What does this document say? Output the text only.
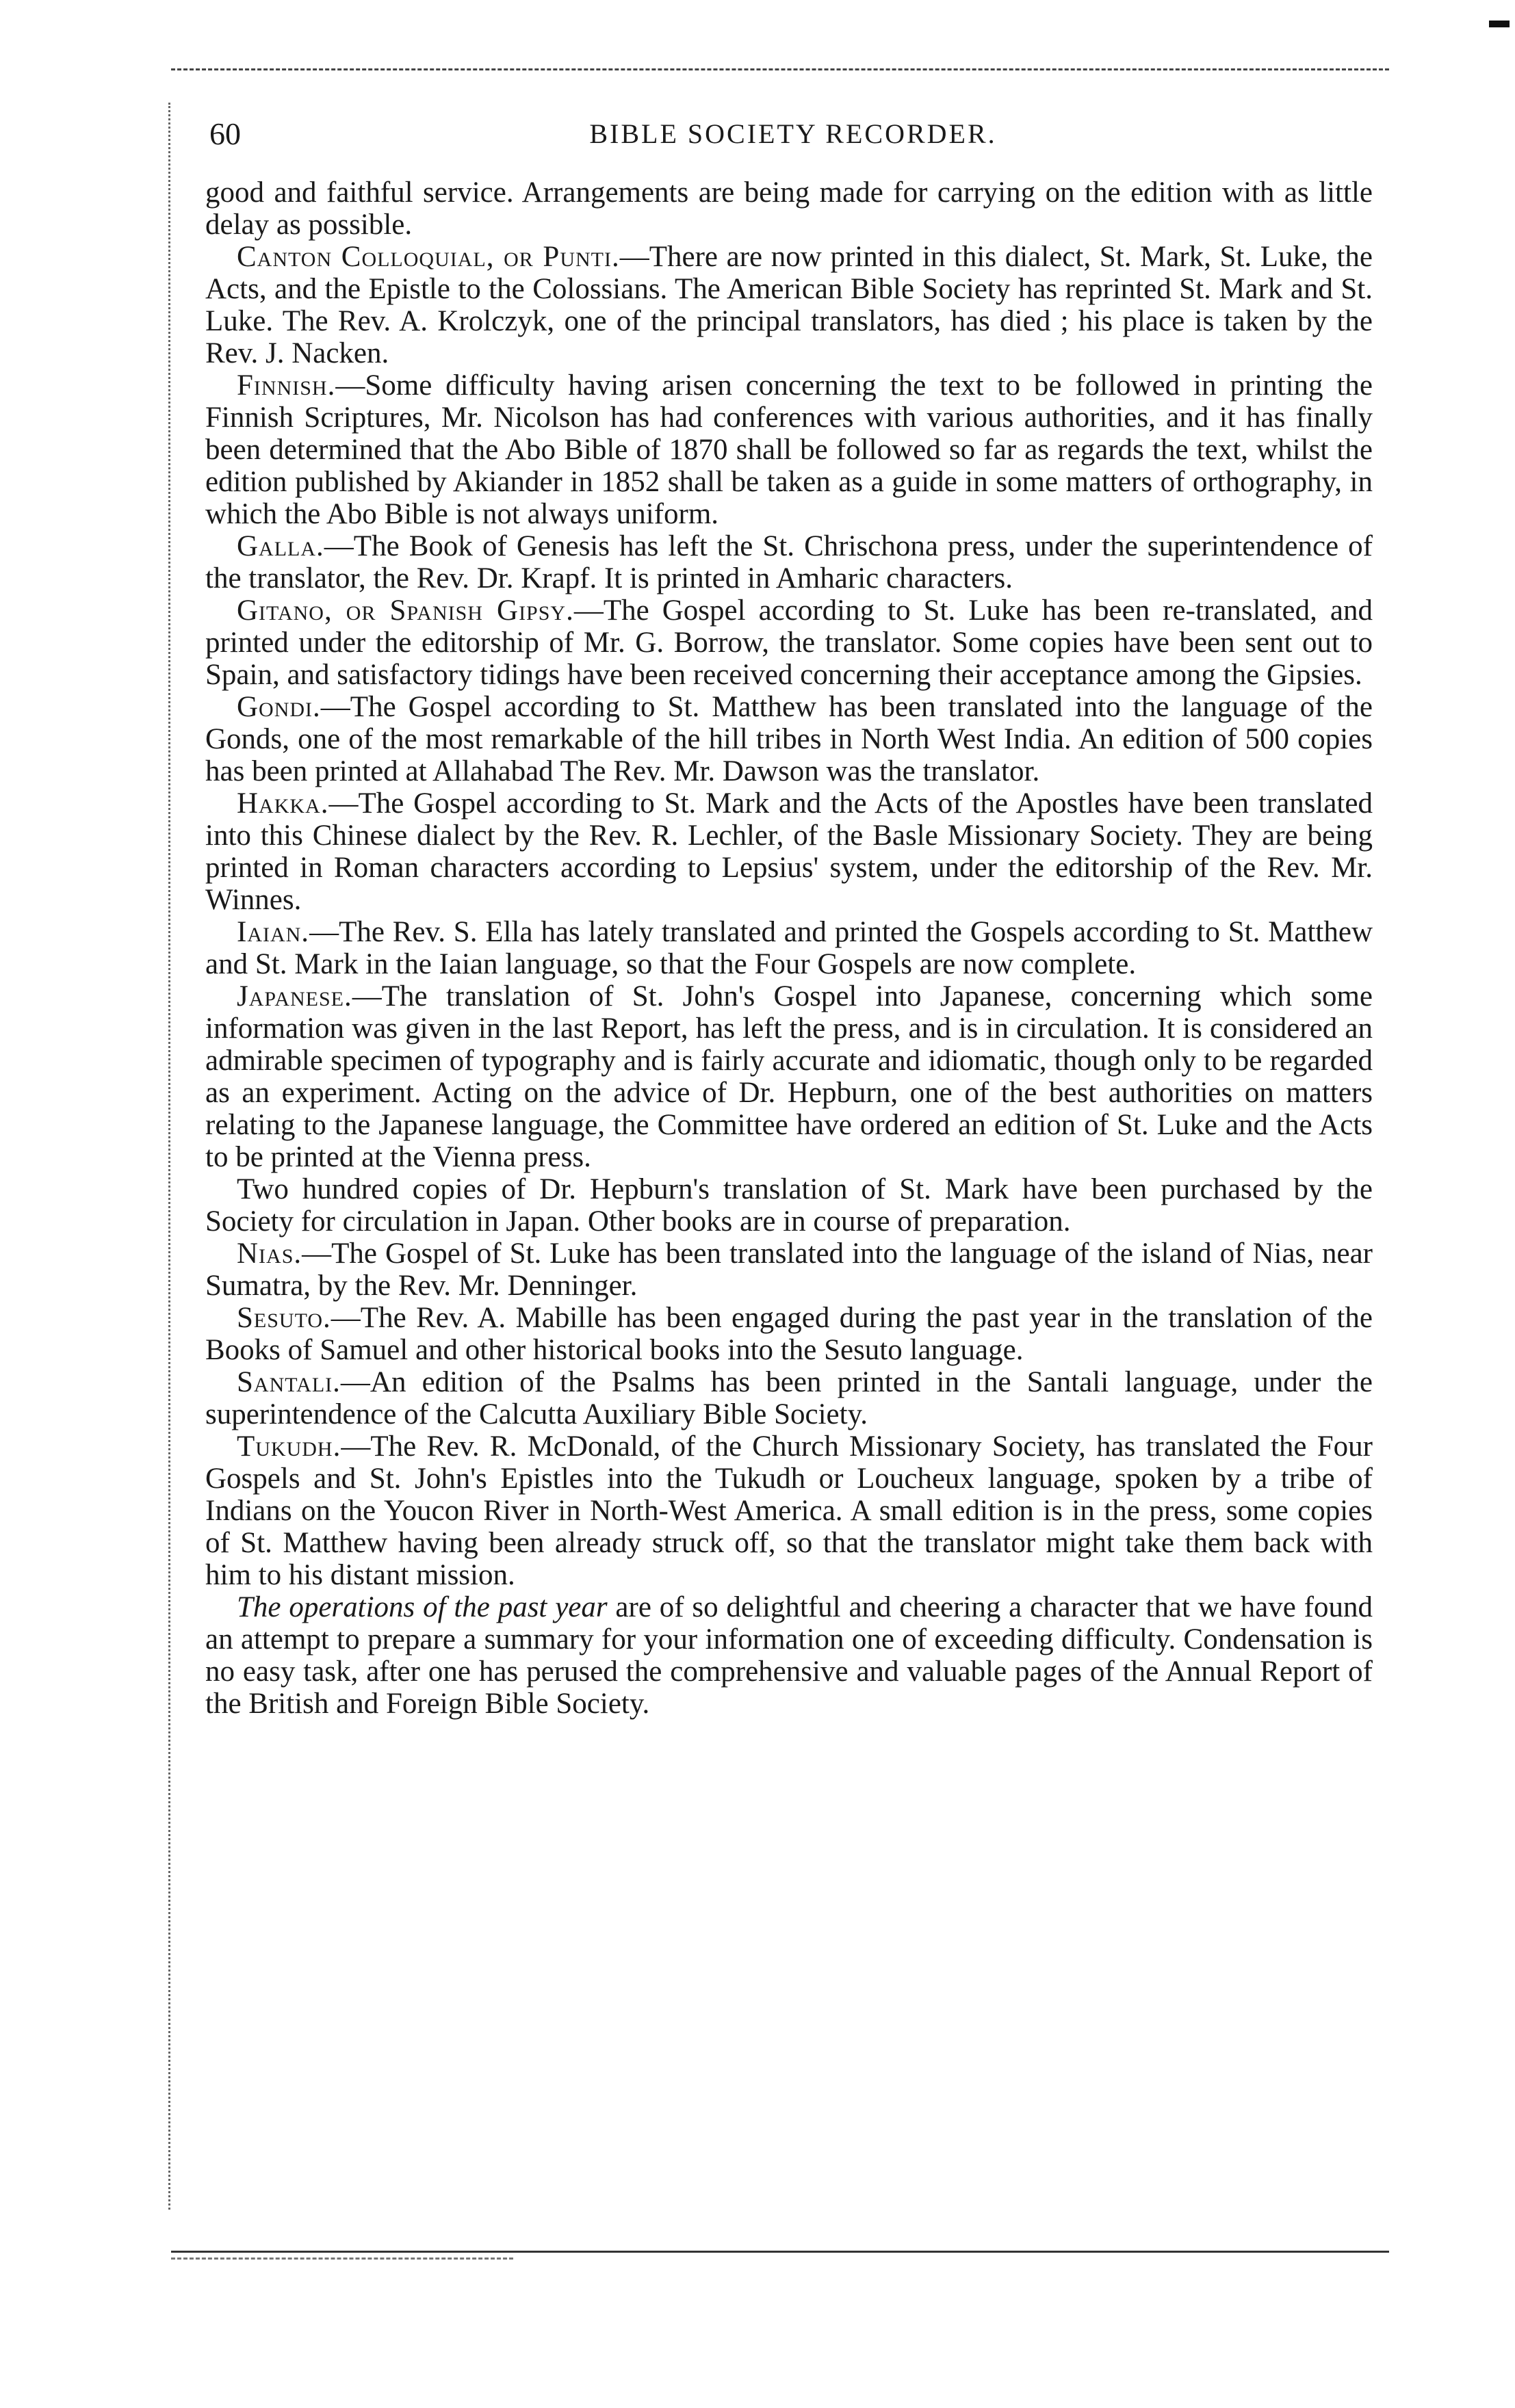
60	BIBLE SOCIETY RECORDER.

good and faithful service. Arrangements are being made for carrying on the edition with as little delay as possible.

Canton Colloquial, or Punti.—There are now printed in this dialect, St. Mark, St. Luke, the Acts, and the Epistle to the Colossians. The American Bible Society has reprinted St. Mark and St. Luke. The Rev. A. Krolczyk, one of the principal translators, has died ; his place is taken by the Rev. J. Nacken.

Finnish.—Some difficulty having arisen concerning the text to be followed in printing the Finnish Scriptures, Mr. Nicolson has had conferences with various authorities, and it has finally been determined that the Abo Bible of 1870 shall be followed so far as regards the text, whilst the edition published by Akiander in 1852 shall be taken as a guide in some matters of orthography, in which the Abo Bible is not always uniform.

Galla.—The Book of Genesis has left the St. Chrischona press, under the superintendence of the translator, the Rev. Dr. Krapf. It is printed in Amharic characters.

Gitano, or Spanish Gipsy.—The Gospel according to St. Luke has been re-translated, and printed under the editorship of Mr. G. Borrow, the translator. Some copies have been sent out to Spain, and satisfactory tidings have been received concerning their acceptance among the Gipsies.

Gondi.—The Gospel according to St. Matthew has been translated into the language of the Gonds, one of the most remarkable of the hill tribes in North West India. An edition of 500 copies has been printed at Allahabad The Rev. Mr. Dawson was the translator.

Hakka.—The Gospel according to St. Mark and the Acts of the Apostles have been translated into this Chinese dialect by the Rev. R. Lechler, of the Basle Missionary Society. They are being printed in Roman characters according to Lepsius' system, under the editorship of the Rev. Mr. Winnes.

Iaian.—The Rev. S. Ella has lately translated and printed the Gospels according to St. Matthew and St. Mark in the Iaian language, so that the Four Gospels are now complete.

Japanese.—The translation of St. John's Gospel into Japanese, concerning which some information was given in the last Report, has left the press, and is in circulation. It is considered an admirable specimen of typography and is fairly accurate and idiomatic, though only to be regarded as an experiment. Acting on the advice of Dr. Hepburn, one of the best authorities on matters relating to the Japanese language, the Committee have ordered an edition of St. Luke and the Acts to be printed at the Vienna press.

Two hundred copies of Dr. Hepburn's translation of St. Mark have been purchased by the Society for circulation in Japan. Other books are in course of preparation.

Nias.—The Gospel of St. Luke has been translated into the language of the island of Nias, near Sumatra, by the Rev. Mr. Denninger.

Sesuto.—The Rev. A. Mabille has been engaged during the past year in the translation of the Books of Samuel and other historical books into the Sesuto language.

Santali.—An edition of the Psalms has been printed in the Santali language, under the superintendence of the Calcutta Auxiliary Bible Society.

Tukudh.—The Rev. R. McDonald, of the Church Missionary Society, has translated the Four Gospels and St. John's Epistles into the Tukudh or Loucheux language, spoken by a tribe of Indians on the Youcon River in North-West America. A small edition is in the press, some copies of St. Matthew having been already struck off, so that the translator might take them back with him to his distant mission.

The operations of the past year are of so delightful and cheering a character that we have found an attempt to prepare a summary for your information one of exceeding difficulty. Condensation is no easy task, after one has perused the comprehensive and valuable pages of the Annual Report of the British and Foreign Bible Society.
